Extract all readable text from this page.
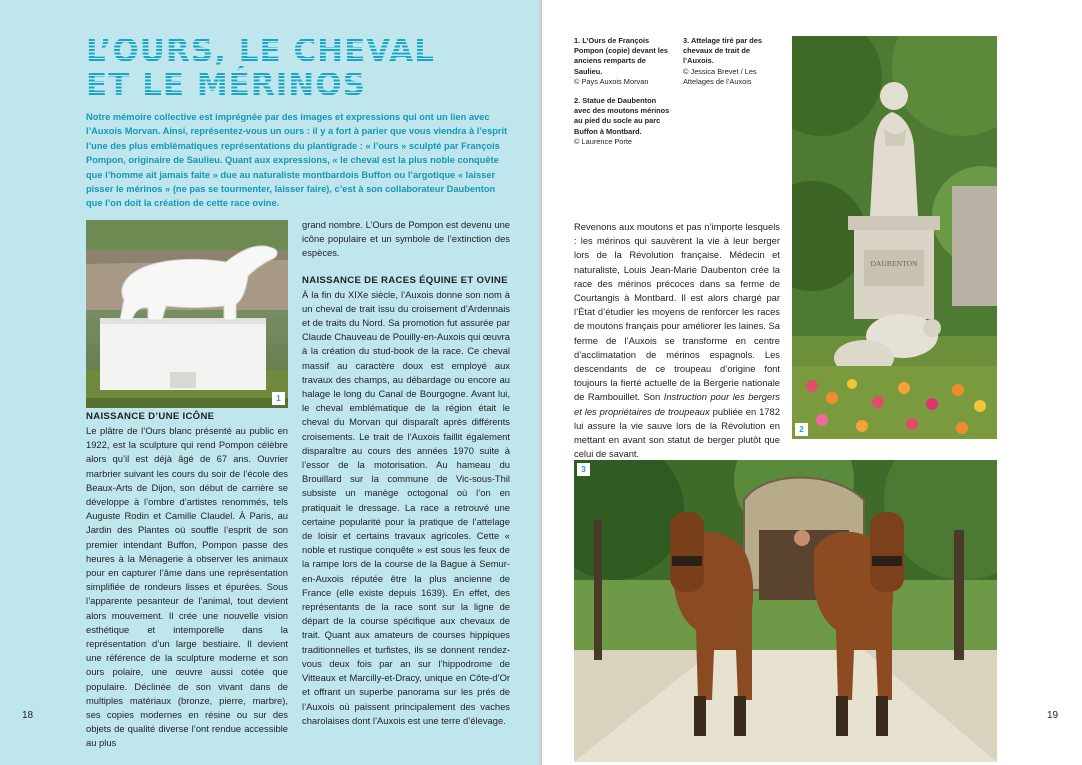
L’OURS, LE CHEVAL
ET LE MÉRINOS

Notre mémoire collective est imprégnée par des images et expressions qui ont un lien avec l’Auxois Morvan. Ainsi, représentez-vous un ours : il y a fort à parier que vous viendra à l’esprit l’une des plus emblématiques représentations du plantigrade : « l’ours » sculpté par François Pompon, originaire de Saulieu. Quant aux expressions, « le cheval est la plus noble conquête que l’homme ait jamais faite » due au naturaliste montbardois Buffon ou l’argotique « laisser pisser le mérinos » (ne pas se tourmenter, laisser faire), c’est à son collaborateur Daubenton que l’on doit la création de cette race ovine.

1
NAISSANCE D’UNE ICÔNE

Le plâtre de l’Ours blanc présenté au public en 1922, est la sculpture qui rend Pompon célèbre alors qu’il est déjà âgé de 67 ans. Ouvrier marbrier suivant les cours du soir de l’école des Beaux-Arts de Dijon, son début de carrière se développe à l’ombre d’artistes renommés, tels Auguste Rodin et Camille Claudel. À Paris, au Jardin des Plantes où souffle l’esprit de son premier intendant Buffon, Pompon passe des heures à la Ménagerie à observer les animaux pour en capturer l’âme dans une représentation simplifiée de rondeurs lisses et épurées. Sous l’apparente pesanteur de l’animal, tout devient alors mouvement. Il crée une nouvelle vision esthétique et intemporelle dans la représentation d’un large bestiaire. Il devient une référence de la sculpture moderne et son ours polaire, une œuvre aussi cotée que populaire. Déclinée de son vivant dans de multiples matériaux (bronze, pierre, marbre), ses copies modernes en résine ou sur des objets de qualité diverse l’ont rendue accessible au plus

grand nombre. L’Ours de Pompon est devenu une icône populaire et un symbole de l’extinction des espèces.

NAISSANCE DE RACES ÉQUINE ET OVINE

À la fin du XIXe siècle, l’Auxois donne son nom à un cheval de trait issu du croisement d’Ardennais et de traits du Nord. Sa promotion fut assurée par Claude Chauveau de Pouilly-en-Auxois qui œuvra à la création du stud-book de la race. Ce cheval massif au caractère doux est employé aux travaux des champs, au débardage ou encore au halage le long du Canal de Bourgogne. Avant lui, le cheval emblématique de la région était le cheval du Morvan qui disparaît après différents croisements. Le trait de l’Auxois faillit également disparaître au cours des années 1970 suite à l’essor de la motorisation. Au hameau du Brouillard sur la commune de Vic-sous-Thil subsiste un manège octogonal où l’on en pratiquait le dressage. La race a retrouvé une certaine popularité pour la pratique de l’attelage de loisir et certains travaux agricoles. Cette « noble et rustique conquête » est sous les feux de la rampe lors de la course de la Bague à Semur-en-Auxois réputée être la plus ancienne de France (elle existe depuis 1639). En effet, des représentants de la race sont sur la ligne de départ de la course spécifique aux chevaux de trait. Quant aux amateurs de courses hippiques traditionnelles et turfistes, ils se donnent rendez-vous deux fois par an sur l’hippodrome de Vitteaux et Marcilly-et-Dracy, unique en Côte-d’Or et offrant un superbe panorama sur les prés de l’Auxois où paissent principalement des vaches charolaises dont l’Auxois est une terre d’élevage.

18
1. L’Ours de François Pompon (copie) devant les anciens remparts de Saulieu.
© Pays Auxois Morvan
2. Statue de Daubenton avec des moutons mérinos au pied du socle au parc Buffon à Montbard.
© Laurence Porte
3. Attelage tiré par des chevaux de trait de l’Auxois.
© Jessica Brevet / Les Attelages de l’Auxois
DAUBENTON
2

Revenons aux moutons et pas n’importe lesquels : les mérinos qui sauvèrent la vie à leur berger lors de la Révolution française. Médecin et naturaliste, Louis Jean-Marie Daubenton crée la race des mérinos précoces dans sa ferme de Courtangis à Montbard. Il est alors chargé par l’État d’étudier les moyens de renforcer les races de moutons français pour améliorer les laines. Sa ferme de l’Auxois se transforme en centre d’acclimatation de mérinos espagnols. Les descendants de ce troupeau d’origine font toujours la fierté actuelle de la Bergerie nationale de Rambouillet. Son Instruction pour les bergers et les propriétaires de troupeaux publiée en 1782 lui assure la vie sauve lors de la Révolution en mettant en avant son statut de berger plutôt que celui de savant.

3
19
